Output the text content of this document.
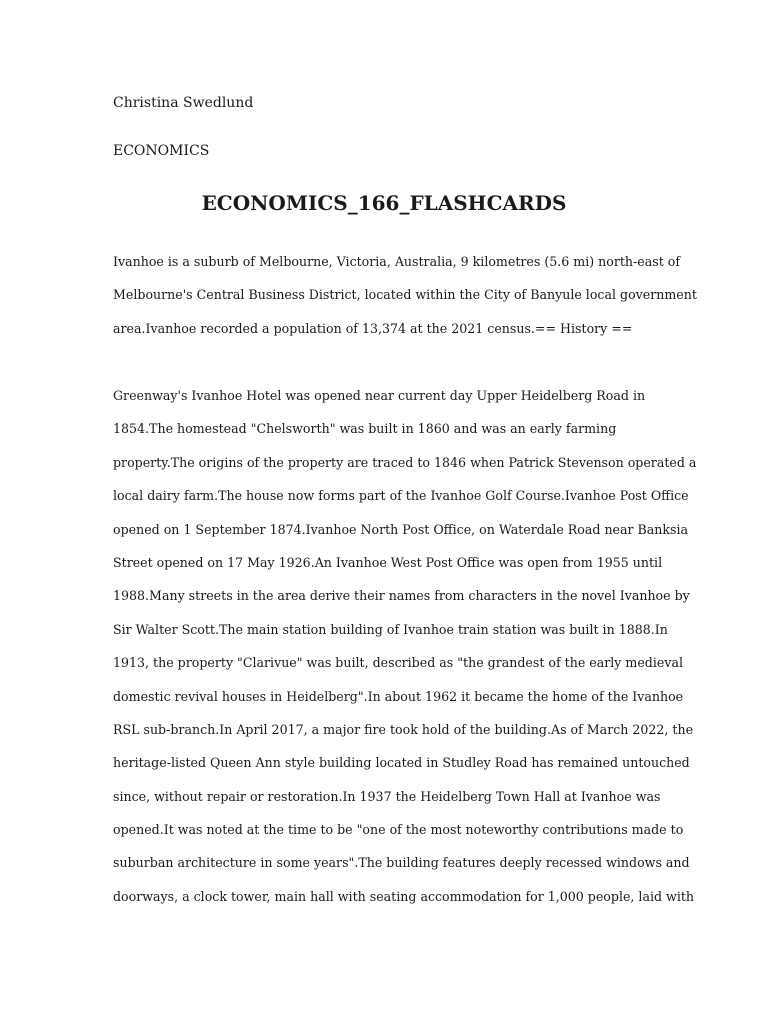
Christina Swedlund
ECONOMICS
ECONOMICS_166_FLASHCARDS

Ivanhoe is a suburb of Melbourne, Victoria, Australia, 9 kilometres (5.6 mi) north-east of
Melbourne's Central Business District, located within the City of Banyule local government
area.Ivanhoe recorded a population of 13,374 at the 2021 census.== History ==

Greenway's Ivanhoe Hotel was opened near current day Upper Heidelberg Road in
1854.The homestead "Chelsworth" was built in 1860 and was an early farming
property.The origins of the property are traced to 1846 when Patrick Stevenson operated a
local dairy farm.The house now forms part of the Ivanhoe Golf Course.Ivanhoe Post Office
opened on 1 September 1874.Ivanhoe North Post Office, on Waterdale Road near Banksia
Street opened on 17 May 1926.An Ivanhoe West Post Office was open from 1955 until
1988.Many streets in the area derive their names from characters in the novel Ivanhoe by
Sir Walter Scott.The main station building of Ivanhoe train station was built in 1888.In
1913, the property "Clarivue" was built, described as "the grandest of the early medieval
domestic revival houses in Heidelberg".In about 1962 it became the home of the Ivanhoe
RSL sub-branch.In April 2017, a major fire took hold of the building.As of March 2022, the
heritage-listed Queen Ann style building located in Studley Road has remained untouched
since, without repair or restoration.In 1937 the Heidelberg Town Hall at Ivanhoe was
opened.It was noted at the time to be "one of the most noteworthy contributions made to
suburban architecture in some years".The building features deeply recessed windows and
doorways, a clock tower, main hall with seating accommodation for 1,000 people, laid with
